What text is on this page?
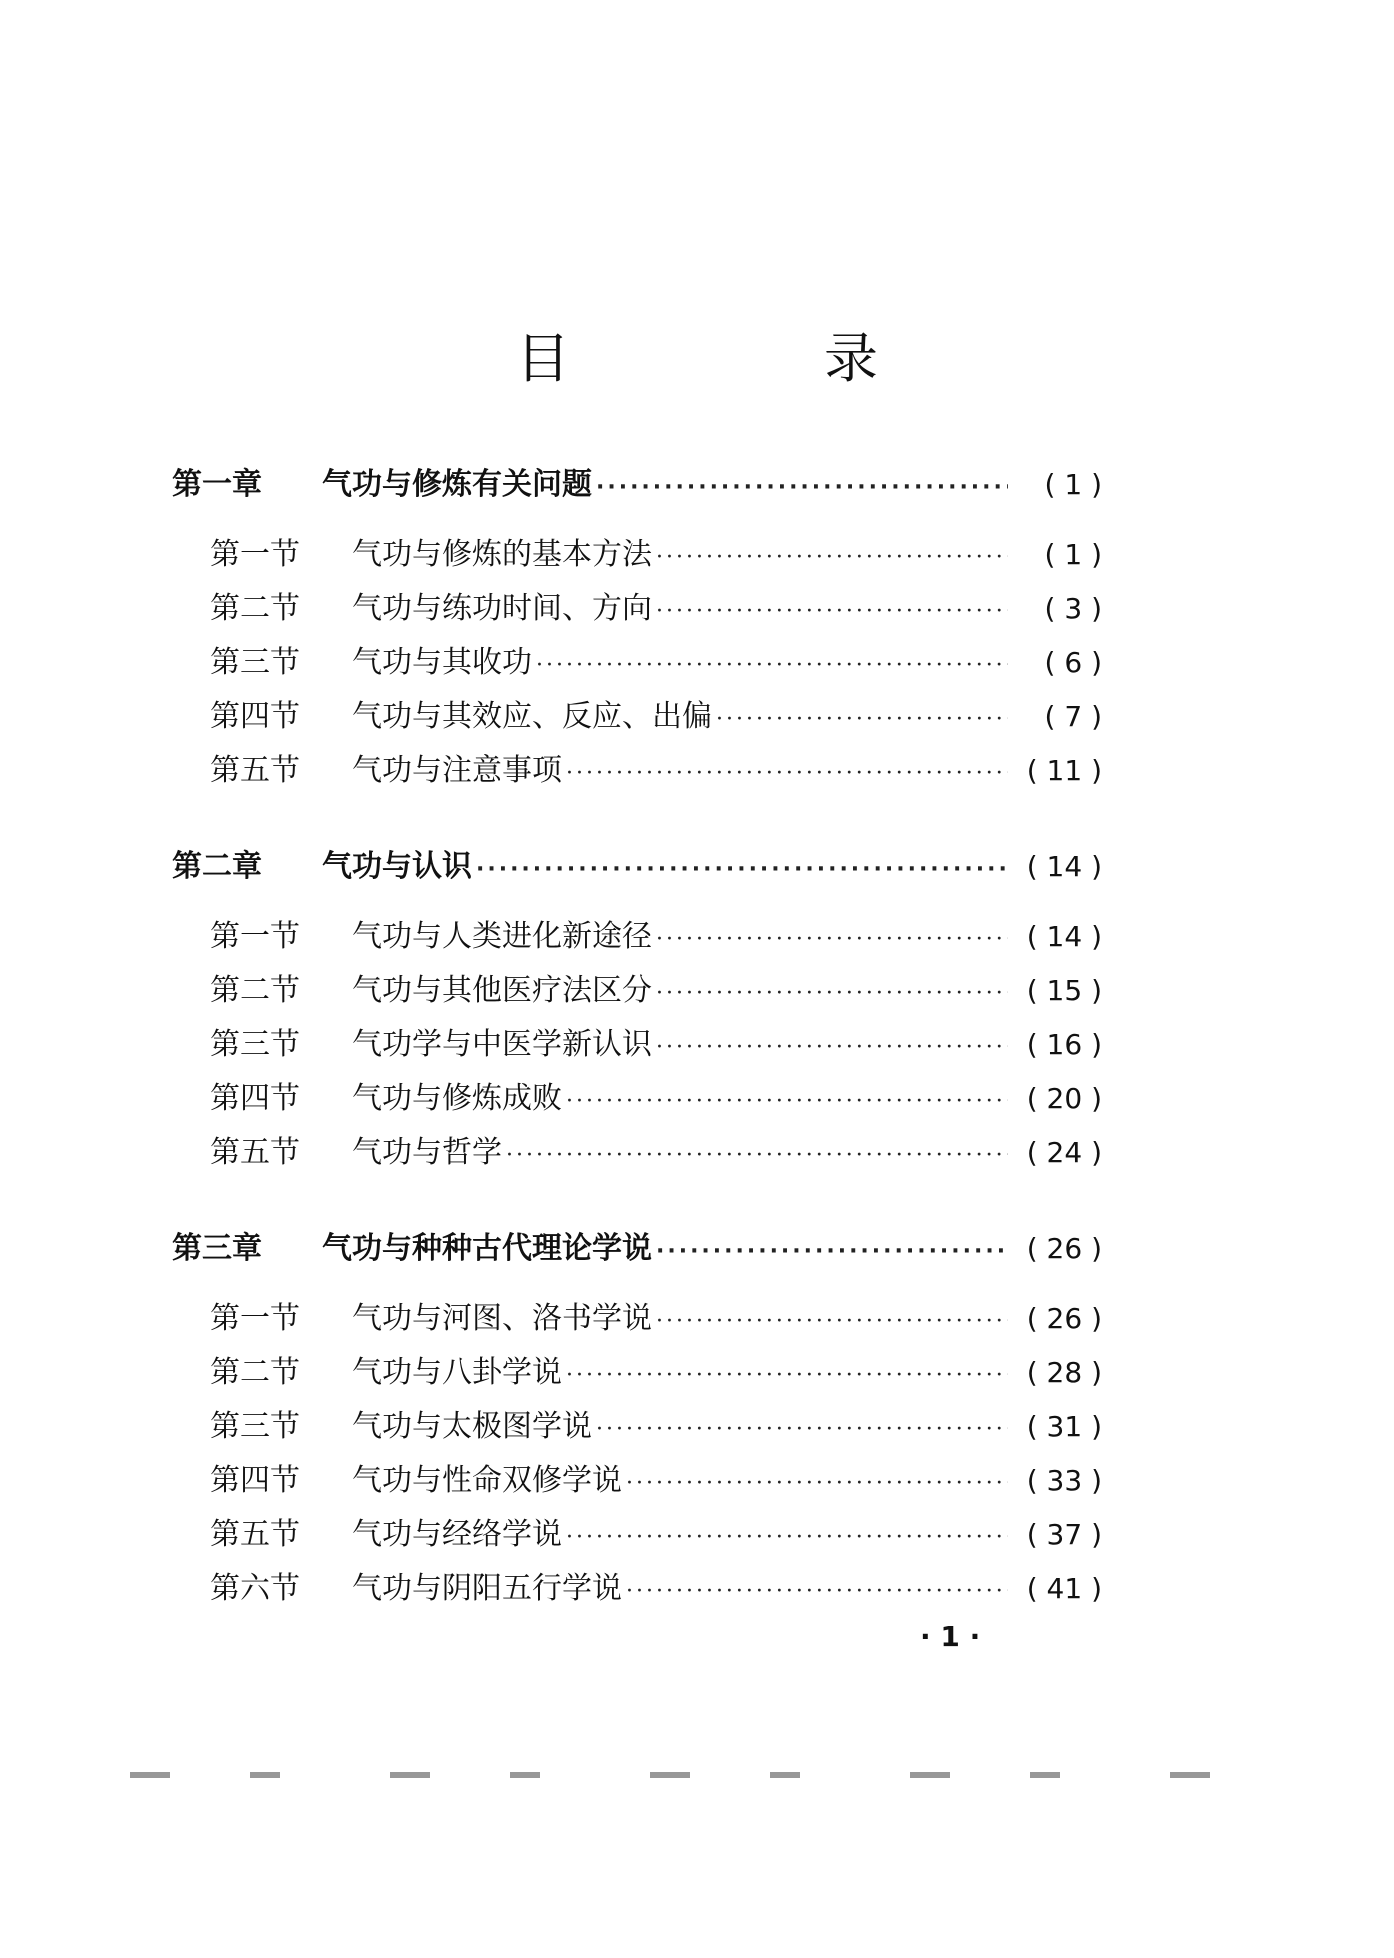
目　录
第一章	气功与修炼有关问题 ·····	( 1 )
第一节	气功与修炼的基本方法 ·····	( 1 )
第二节	气功与练功时间、方向 ·····	( 3 )
第三节	气功与其收功 ·····	( 6 )
第四节	气功与其效应、反应、出偏 ·····	( 7 )
第五节	气功与注意事项 ·····	( 11 )
第二章	气功与认识 ·····	( 14 )
第一节	气功与人类进化新途径 ·····	( 14 )
第二节	气功与其他医疗法区分 ·····	( 15 )
第三节	气功学与中医学新认识 ·····	( 16 )
第四节	气功与修炼成败 ·····	( 20 )
第五节	气功与哲学 ·····	( 24 )
第三章	气功与种种古代理论学说 ·····	( 26 )
第一节	气功与河图、洛书学说 ·····	( 26 )
第二节	气功与八卦学说 ·····	( 28 )
第三节	气功与太极图学说 ·····	( 31 )
第四节	气功与性命双修学说 ·····	( 33 )
第五节	气功与经络学说 ·····	( 37 )
第六节	气功与阴阳五行学说 ·····	( 41 )
· 1 ·
